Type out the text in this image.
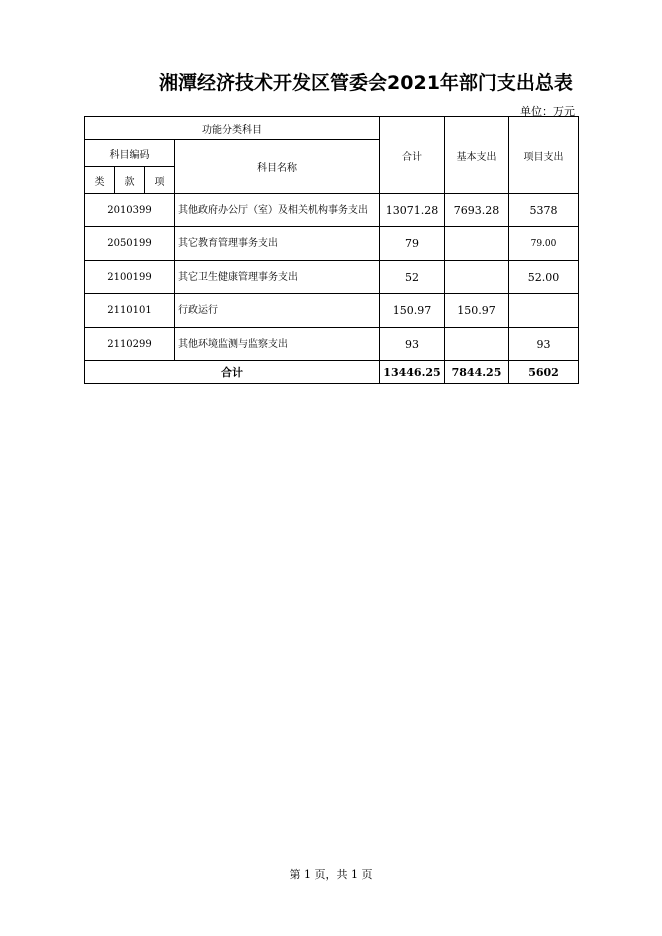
湘潭经济技术开发区管委会2021年部门支出总表
单位：万元
功能分类科目				合计	基本支出	项目支出
科目编码			科目名称			
类	款	项				
2010399			其他政府办公厅（室）及相关机构事务支出	13071.28	7693.28	5378
2050199			其它教育管理事务支出	79		79.00
2100199			其它卫生健康管理事务支出	52		52.00
2110101			行政运行	150.97	150.97	
2110299			其他环境监测与监察支出	93		93
合计				13446.25	7844.25	5602
第 1 页，共 1 页
